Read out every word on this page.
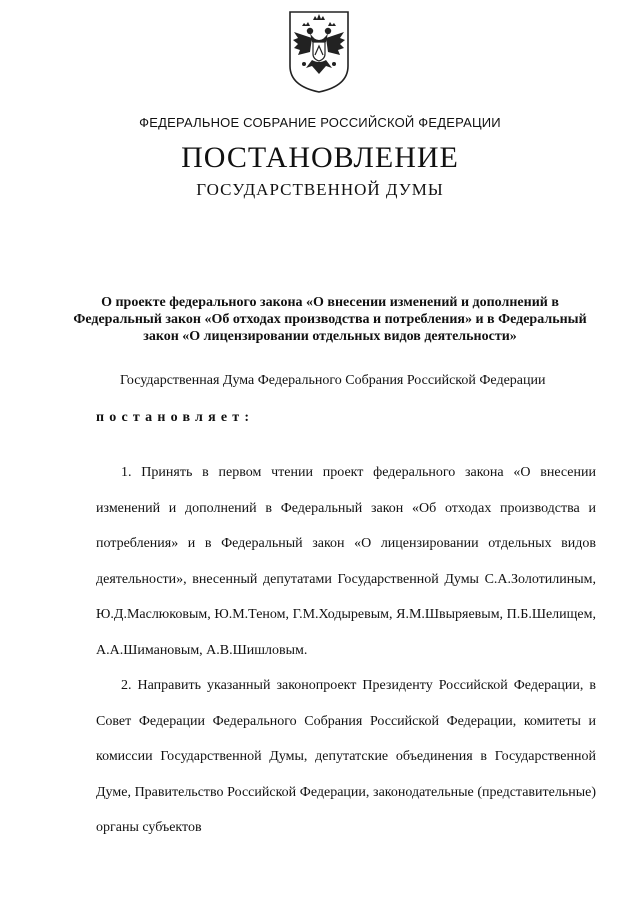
ФЕДЕРАЛЬНОЕ СОБРАНИЕ РОССИЙСКОЙ ФЕДЕРАЦИИ
ПОСТАНОВЛЕНИЕ
ГОСУДАРСТВЕННОЙ ДУМЫ
О проекте федерального закона «О внесении изменений и дополнений в Федеральный закон «Об отходах производства и потребления» и в Федеральный закон «О лицензировании отдельных видов деятельности»
Государственная Дума Федерального Собрания Российской Федерации
постановляет:

1. Принять в первом чтении проект федерального закона «О внесении изменений и дополнений в Федеральный закон «Об отходах производства и потребления» и в Федеральный закон «О лицензировании отдельных видов деятельности», внесенный депутатами Государственной Думы С.А.Золотилиным, Ю.Д.Маслюковым, Ю.М.Теном, Г.М.Ходыревым, Я.М.Швыряевым, П.Б.Шелищем, А.А.Шимановым, А.В.Шишловым.

2. Направить указанный законопроект Президенту Российской Федерации, в Совет Федерации Федерального Собрания Российской Федерации, комитеты и комиссии Государственной Думы, депутатские объединения в Государственной Думе, Правительство Российской Федерации, законодательные (представительные) органы субъектов
